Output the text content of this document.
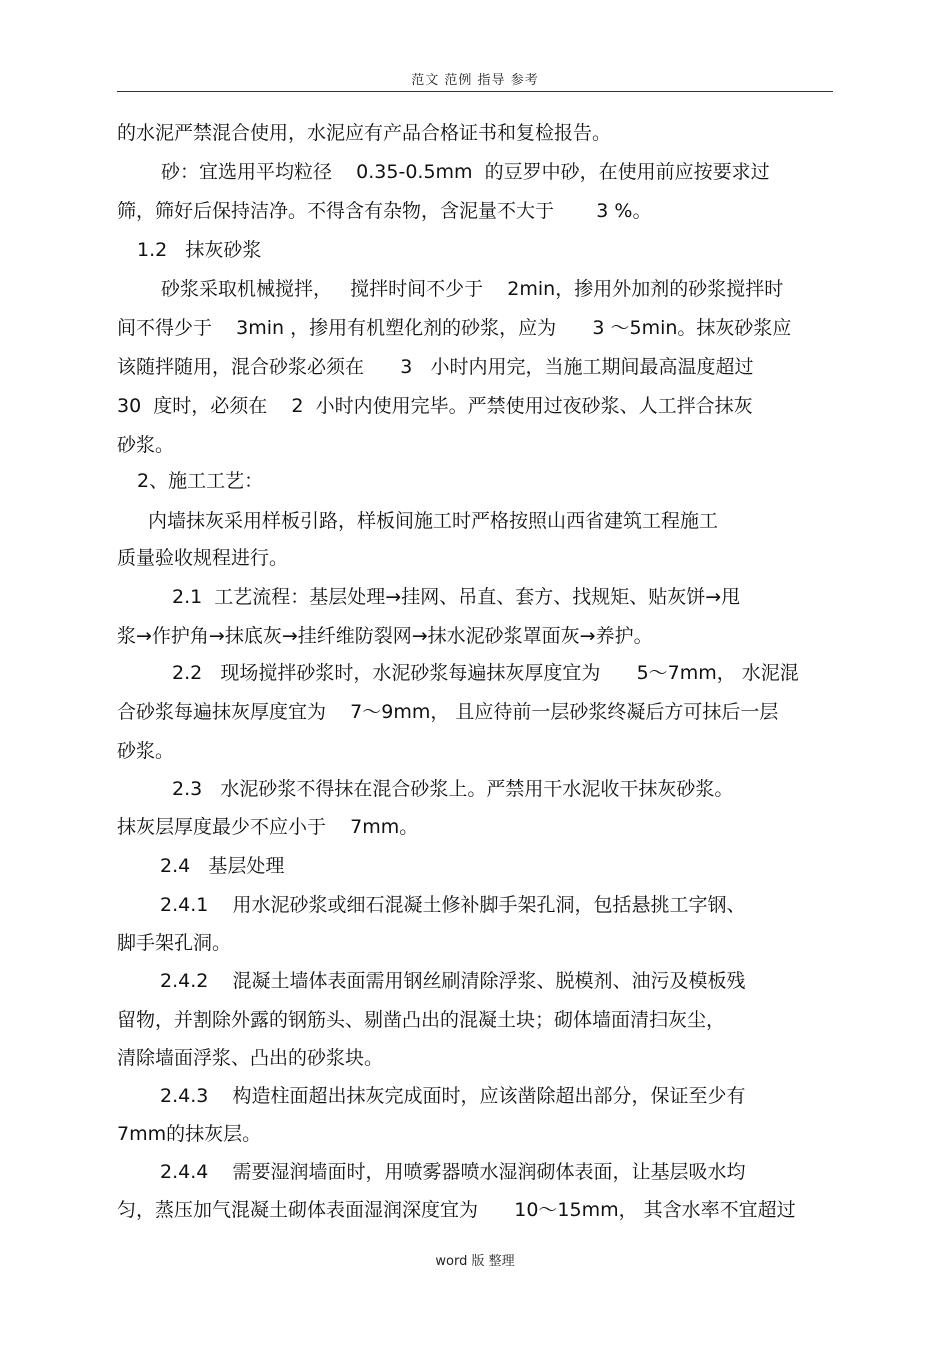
范文 范例 指导 参考
的水泥严禁混合使用，水泥应有产品合格证书和复检报告。
砂：宜选用平均粒径    0.35-0.5mm  的豆罗中砂，在使用前应按要求过
筛，筛好后保持洁净。不得含有杂物，含泥量不大于       3 %。
1.2   抹灰砂浆
砂浆采取机械搅拌，   搅拌时间不少于    2min，掺用外加剂的砂浆搅拌时
间不得少于    3min ，掺用有机塑化剂的砂浆，应为      3 ～5min。抹灰砂浆应
该随拌随用，混合砂浆必须在      3   小时内用完，当施工期间最高温度超过
30  度时，必须在    2  小时内使用完毕。严禁使用过夜砂浆、人工拌合抹灰
砂浆。
2、施工工艺：
内墙抹灰采用样板引路，样板间施工时严格按照山西省建筑工程施工
质量验收规程进行。
2.1  工艺流程：基层处理→挂网、吊直、套方、找规矩、贴灰饼→甩
浆→作护角→抹底灰→挂纤维防裂网→抹水泥砂浆罩面灰→养护。
2.2   现场搅拌砂浆时，水泥砂浆每遍抹灰厚度宜为      5～7mm， 水泥混
合砂浆每遍抹灰厚度宜为    7～9mm， 且应待前一层砂浆终凝后方可抹后一层
砂浆。
2.3   水泥砂浆不得抹在混合砂浆上。严禁用干水泥收干抹灰砂浆。
抹灰层厚度最少不应小于    7mm。
2.4   基层处理
2.4.1    用水泥砂浆或细石混凝土修补脚手架孔洞，包括悬挑工字钢、
脚手架孔洞。
2.4.2    混凝土墙体表面需用钢丝刷清除浮浆、脱模剂、油污及模板残
留物，并割除外露的钢筋头、剔凿凸出的混凝土块；砌体墙面清扫灰尘，
清除墙面浮浆、凸出的砂浆块。
2.4.3    构造柱面超出抹灰完成面时，应该凿除超出部分，保证至少有
7mm的抹灰层。
2.4.4    需要湿润墙面时，用喷雾器喷水湿润砌体表面，让基层吸水均
匀，蒸压加气混凝土砌体表面湿润深度宜为      10～15mm， 其含水率不宜超过
word 版 整理
